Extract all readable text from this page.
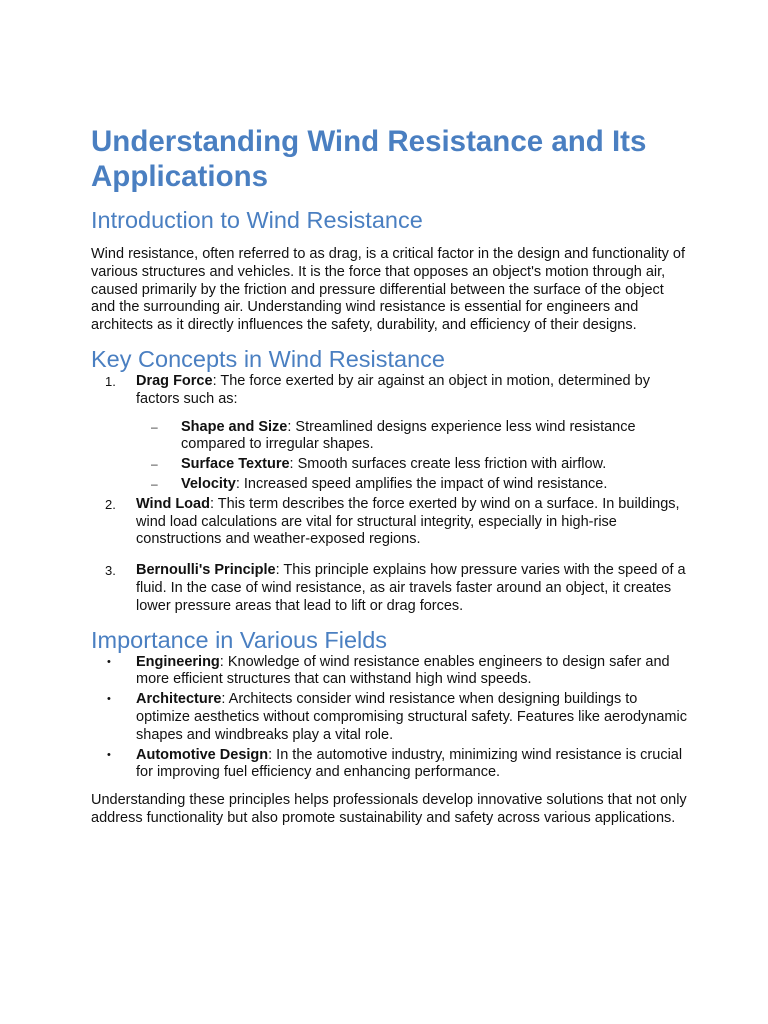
Understanding Wind Resistance and Its Applications
Introduction to Wind Resistance

Wind resistance, often referred to as drag, is a critical factor in the design and functionality of various structures and vehicles. It is the force that opposes an object's motion through air, caused primarily by the friction and pressure differential between the surface of the object and the surrounding air. Understanding wind resistance is essential for engineers and architects as it directly influences the safety, durability, and efficiency of their designs.

Key Concepts in Wind Resistance
1. Drag Force: The force exerted by air against an object in motion, determined by factors such as:
– Shape and Size: Streamlined designs experience less wind resistance compared to irregular shapes.
– Surface Texture: Smooth surfaces create less friction with airflow.
– Velocity: Increased speed amplifies the impact of wind resistance.
2. Wind Load: This term describes the force exerted by wind on a surface. In buildings, wind load calculations are vital for structural integrity, especially in high-rise constructions and weather-exposed regions.
3. Bernoulli's Principle: This principle explains how pressure varies with the speed of a fluid. In the case of wind resistance, as air travels faster around an object, it creates lower pressure areas that lead to lift or drag forces.
Importance in Various Fields
• Engineering: Knowledge of wind resistance enables engineers to design safer and more efficient structures that can withstand high wind speeds.
• Architecture: Architects consider wind resistance when designing buildings to optimize aesthetics without compromising structural safety. Features like aerodynamic shapes and windbreaks play a vital role.
• Automotive Design: In the automotive industry, minimizing wind resistance is crucial for improving fuel efficiency and enhancing performance.

Understanding these principles helps professionals develop innovative solutions that not only address functionality but also promote sustainability and safety across various applications.
